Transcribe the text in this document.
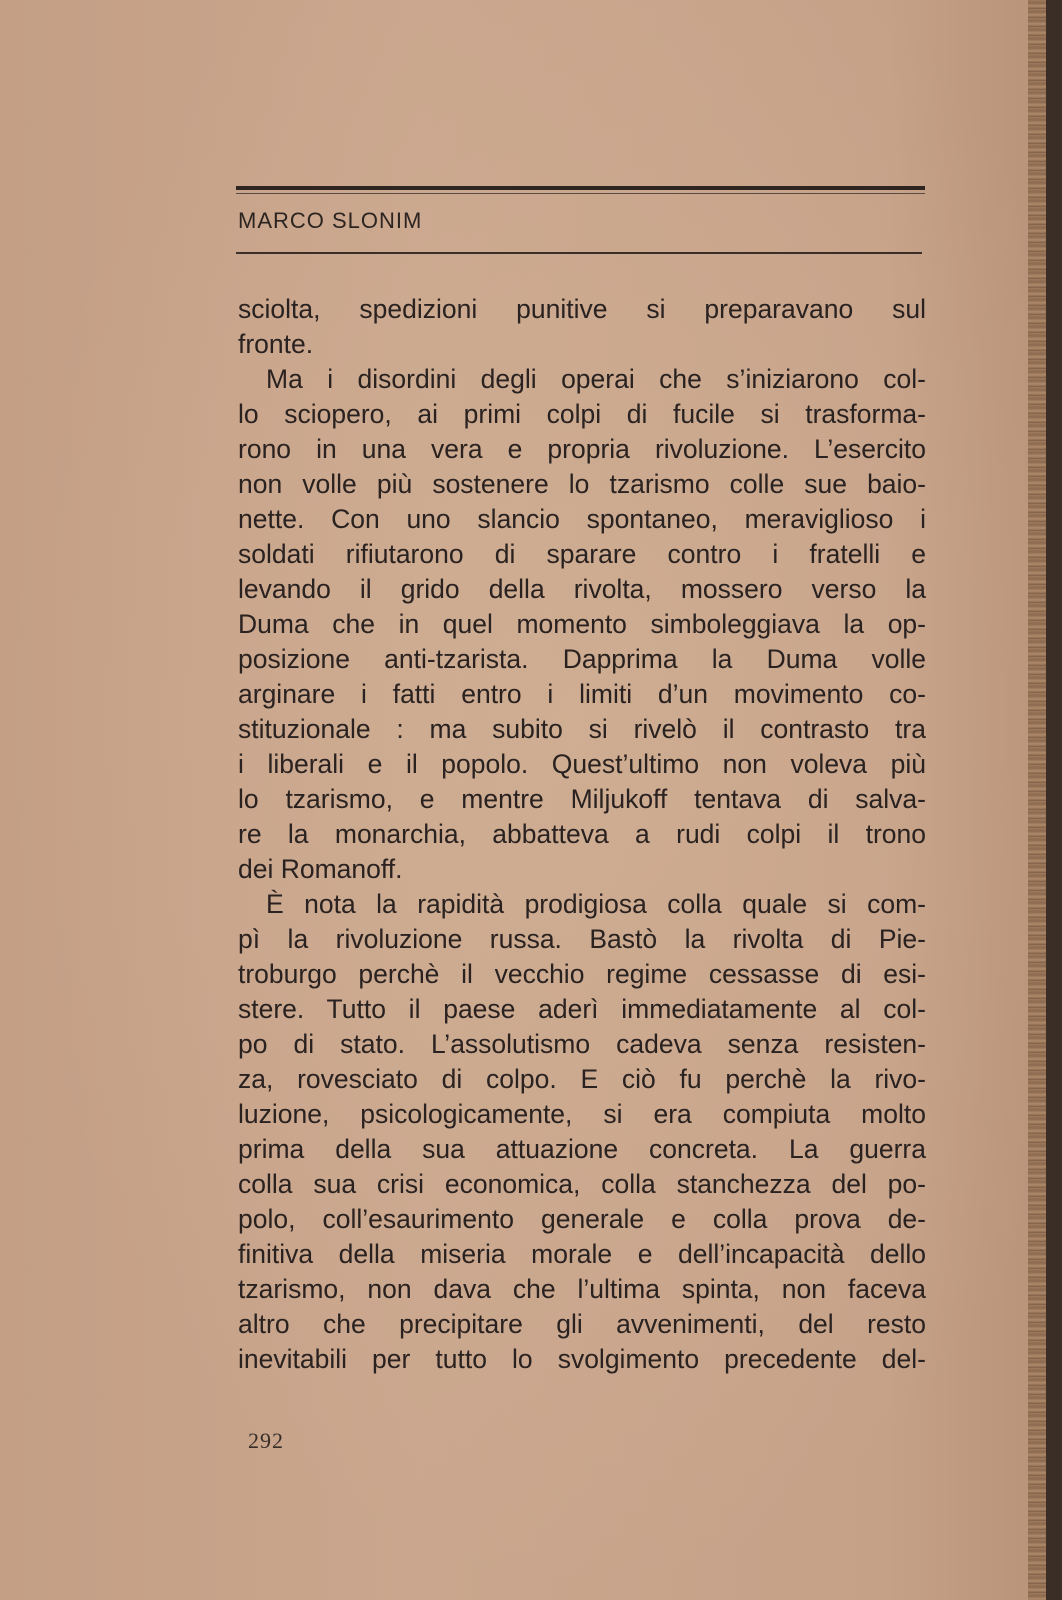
MARCO SLONIM
sciolta, spedizioni punitive si preparavano sul
fronte.
Ma i disordini degli operai che s’iniziarono col-
lo sciopero, ai primi colpi di fucile si trasforma-
rono in una vera e propria rivoluzione. L’esercito
non volle più sostenere lo tzarismo colle sue baio-
nette. Con uno slancio spontaneo, meraviglioso i
soldati rifiutarono di sparare contro i fratelli e
levando il grido della rivolta, mossero verso la
Duma che in quel momento simboleggiava la op-
posizione anti-tzarista. Dapprima la Duma volle
arginare i fatti entro i limiti d’un movimento co-
stituzionale : ma subito si rivelò il contrasto tra
i liberali e il popolo. Quest’ultimo non voleva più
lo tzarismo, e mentre Miljukoff tentava di salva-
re la monarchia, abbatteva a rudi colpi il trono
dei Romanoff.
È nota la rapidità prodigiosa colla quale si com-
pì la rivoluzione russa. Bastò la rivolta di Pie-
troburgo perchè il vecchio regime cessasse di esi-
stere. Tutto il paese aderì immediatamente al col-
po di stato. L’assolutismo cadeva senza resisten-
za, rovesciato di colpo. E ciò fu perchè la rivo-
luzione, psicologicamente, si era compiuta molto
prima della sua attuazione concreta. La guerra
colla sua crisi economica, colla stanchezza del po-
polo, coll’esaurimento generale e colla prova de-
finitiva della miseria morale e dell’incapacità dello
tzarismo, non dava che l’ultima spinta, non faceva
altro che precipitare gli avvenimenti, del resto
inevitabili per tutto lo svolgimento precedente del-
292
